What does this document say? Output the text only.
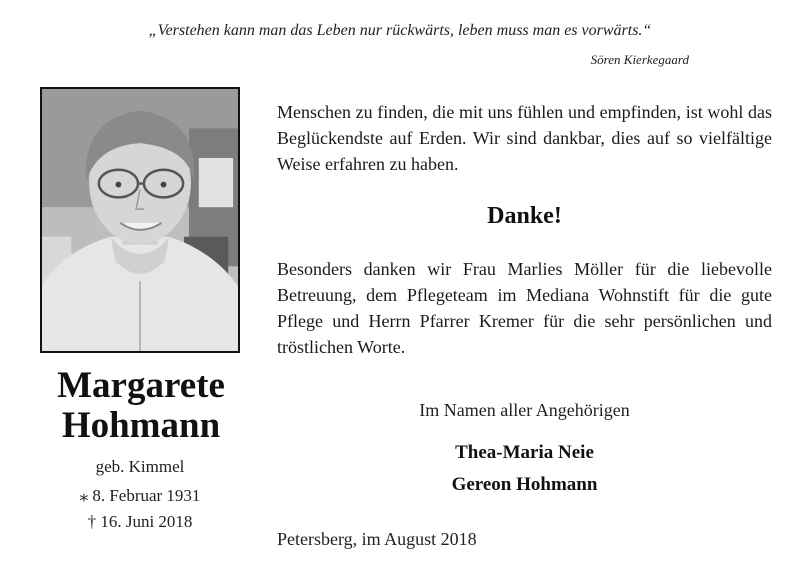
„Verstehen kann man das Leben nur rückwärts, leben muss man es vorwärts.“
Sören Kierkegaard
Margarete
Hohmann
geb. Kimmel
⁎ 8. Februar 1931
† 16. Juni 2018
Menschen zu finden, die mit uns fühlen und empfinden, ist wohl das Beglückendste auf Erden. Wir sind dankbar, dies auf so vielfältige Weise erfahren zu haben.
Danke!
Besonders danken wir Frau Marlies Möller für die liebevolle Betreuung, dem Pflegeteam im Mediana Wohnstift für die gute Pflege und Herrn Pfarrer Kremer für die sehr persönlichen und tröstlichen Worte.
Im Namen aller Angehörigen
Thea-Maria Neie
Gereon Hohmann
Petersberg, im August 2018
